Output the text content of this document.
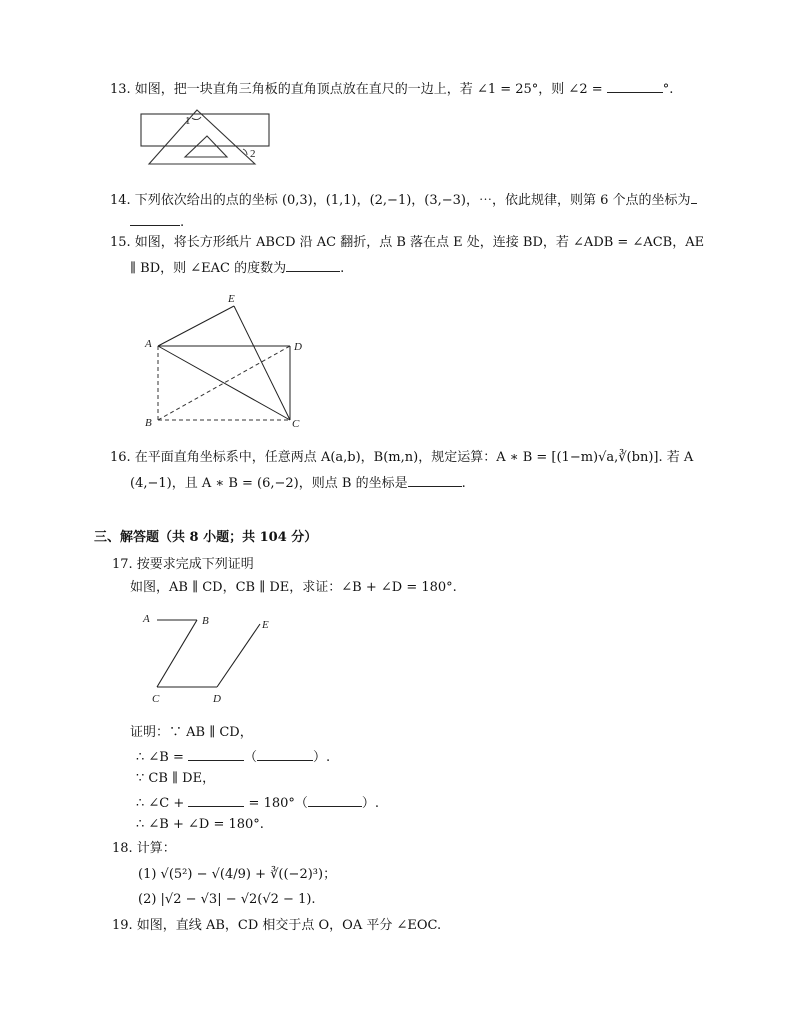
13. 如图，把一块直角三角板的直角顶点放在直尺的一边上，若 ∠1 = 25°，则 ∠2 =	°.
1
2
14. 下列依次给出的点的坐标 (0,3)，(1,1)，(2,−1)，(3,−3)，⋯，依此规律，则第 6 个点的坐标为
.
15. 如图，将长方形纸片 ABCD 沿 AC 翻折，点 B 落在点 E 处，连接 BD，若 ∠ADB = ∠ACB，AE
∥ BD，则 ∠EAC 的度数为	.
E
A	D
B	C
16. 在平面直角坐标系中，任意两点 A(a,b)，B(m,n)，规定运算：A ∗ B = [(1−m)√a,∛(bn)]. 若 A
(4,−1)，且 A ∗ B = (6,−2)，则点 B 的坐标是	.
三、解答题（共 8 小题；共 104 分）
17. 按要求完成下列证明
如图，AB ∥ CD，CB ∥ DE，求证：∠B + ∠D = 180°.
A	B	E
C	D
证明：∵ AB ∥ CD，
∴ ∠B =	（	）.
∵ CB ∥ DE，
∴ ∠C +	= 180°（	）.
∴ ∠B + ∠D = 180°.
18. 计算：
(1) √(5²) − √(4/9) + ∛((−2)³)；
(2) |√2 − √3| − √2(√2 − 1).
19. 如图，直线 AB，CD 相交于点 O，OA 平分 ∠EOC.
